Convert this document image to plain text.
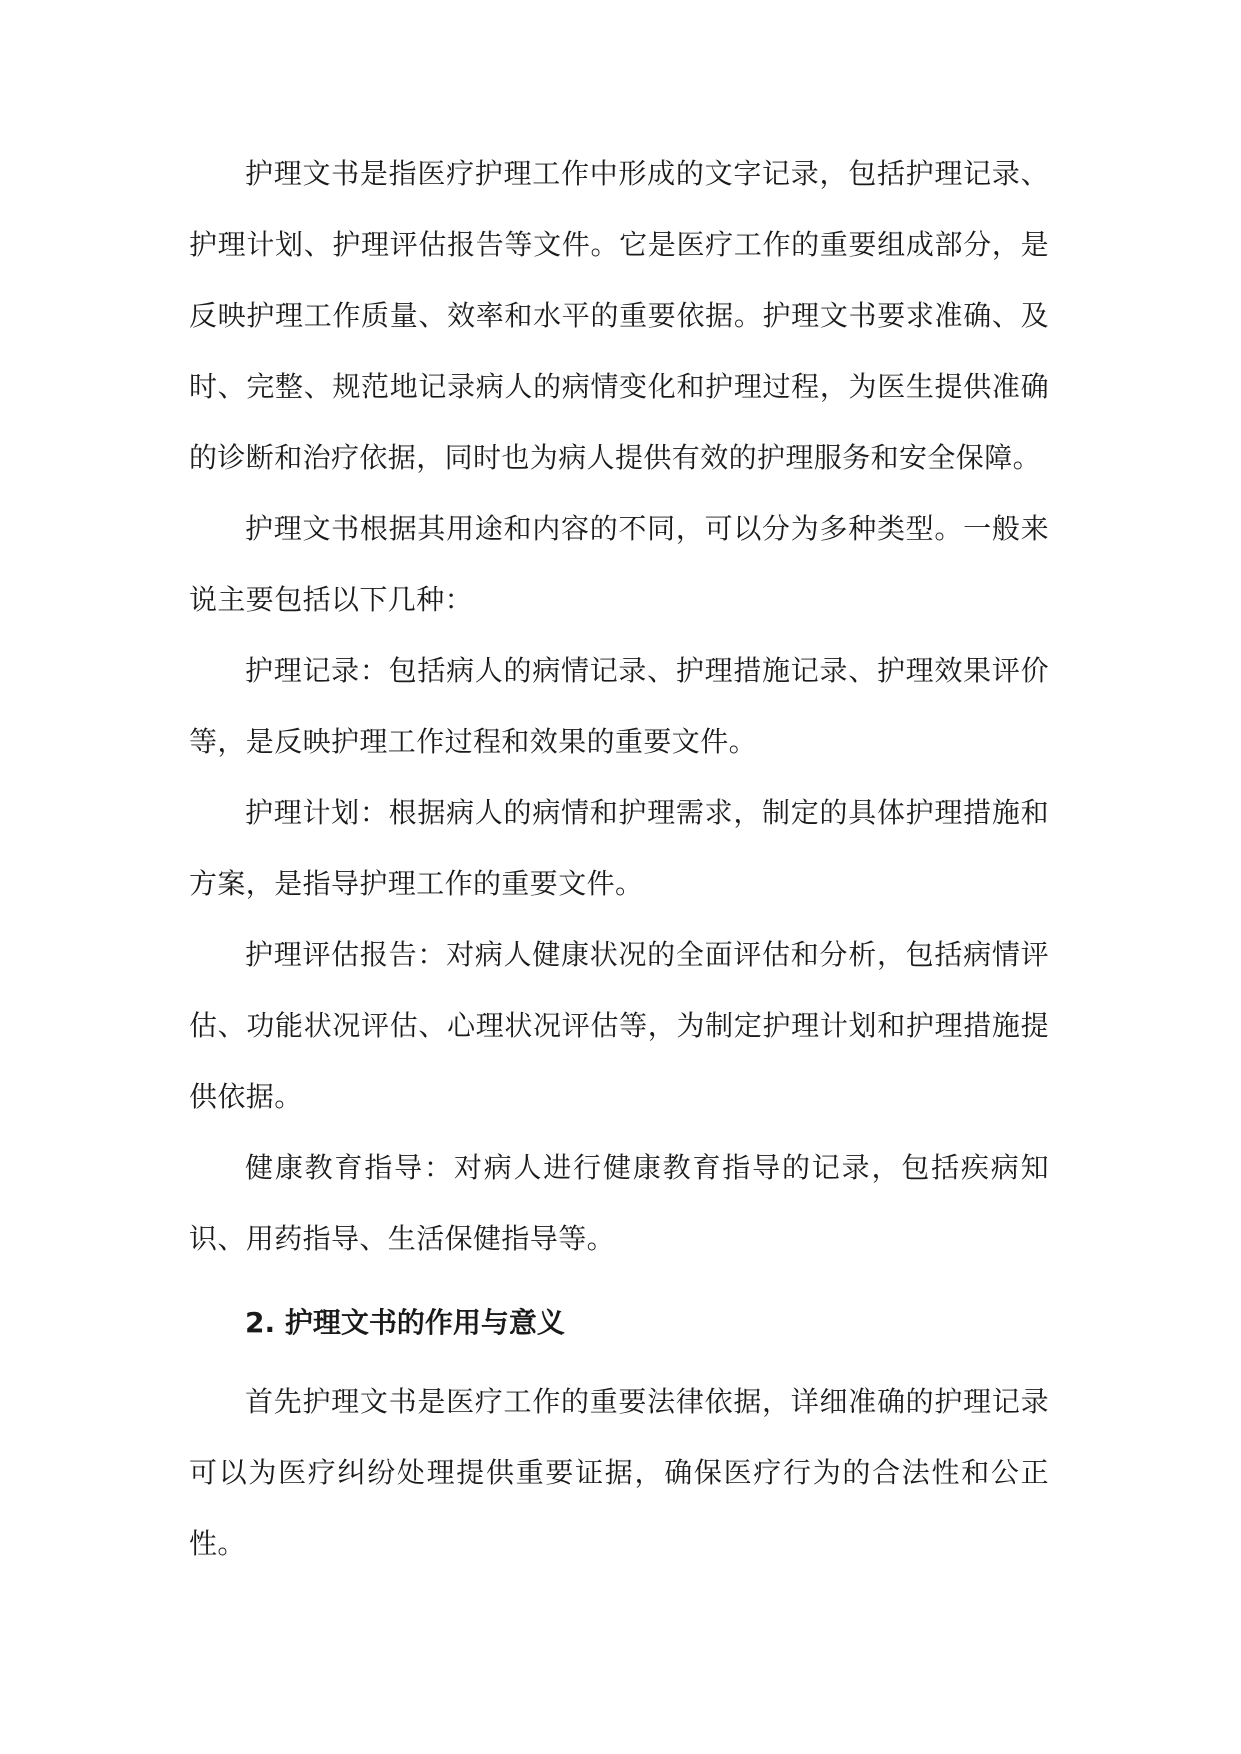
护理文书是指医疗护理工作中形成的文字记录，包括护理记录、护理计划、护理评估报告等文件。它是医疗工作的重要组成部分，是反映护理工作质量、效率和水平的重要依据。护理文书要求准确、及时、完整、规范地记录病人的病情变化和护理过程，为医生提供准确的诊断和治疗依据，同时也为病人提供有效的护理服务和安全保障。

护理文书根据其用途和内容的不同，可以分为多种类型。一般来说主要包括以下几种：

护理记录：包括病人的病情记录、护理措施记录、护理效果评价等，是反映护理工作过程和效果的重要文件。

护理计划：根据病人的病情和护理需求，制定的具体护理措施和方案，是指导护理工作的重要文件。

护理评估报告：对病人健康状况的全面评估和分析，包括病情评估、功能状况评估、心理状况评估等，为制定护理计划和护理措施提供依据。

健康教育指导：对病人进行健康教育指导的记录，包括疾病知识、用药指导、生活保健指导等。

2. 护理文书的作用与意义

首先护理文书是医疗工作的重要法律依据，详细准确的护理记录可以为医疗纠纷处理提供重要证据，确保医疗行为的合法性和公正性。
